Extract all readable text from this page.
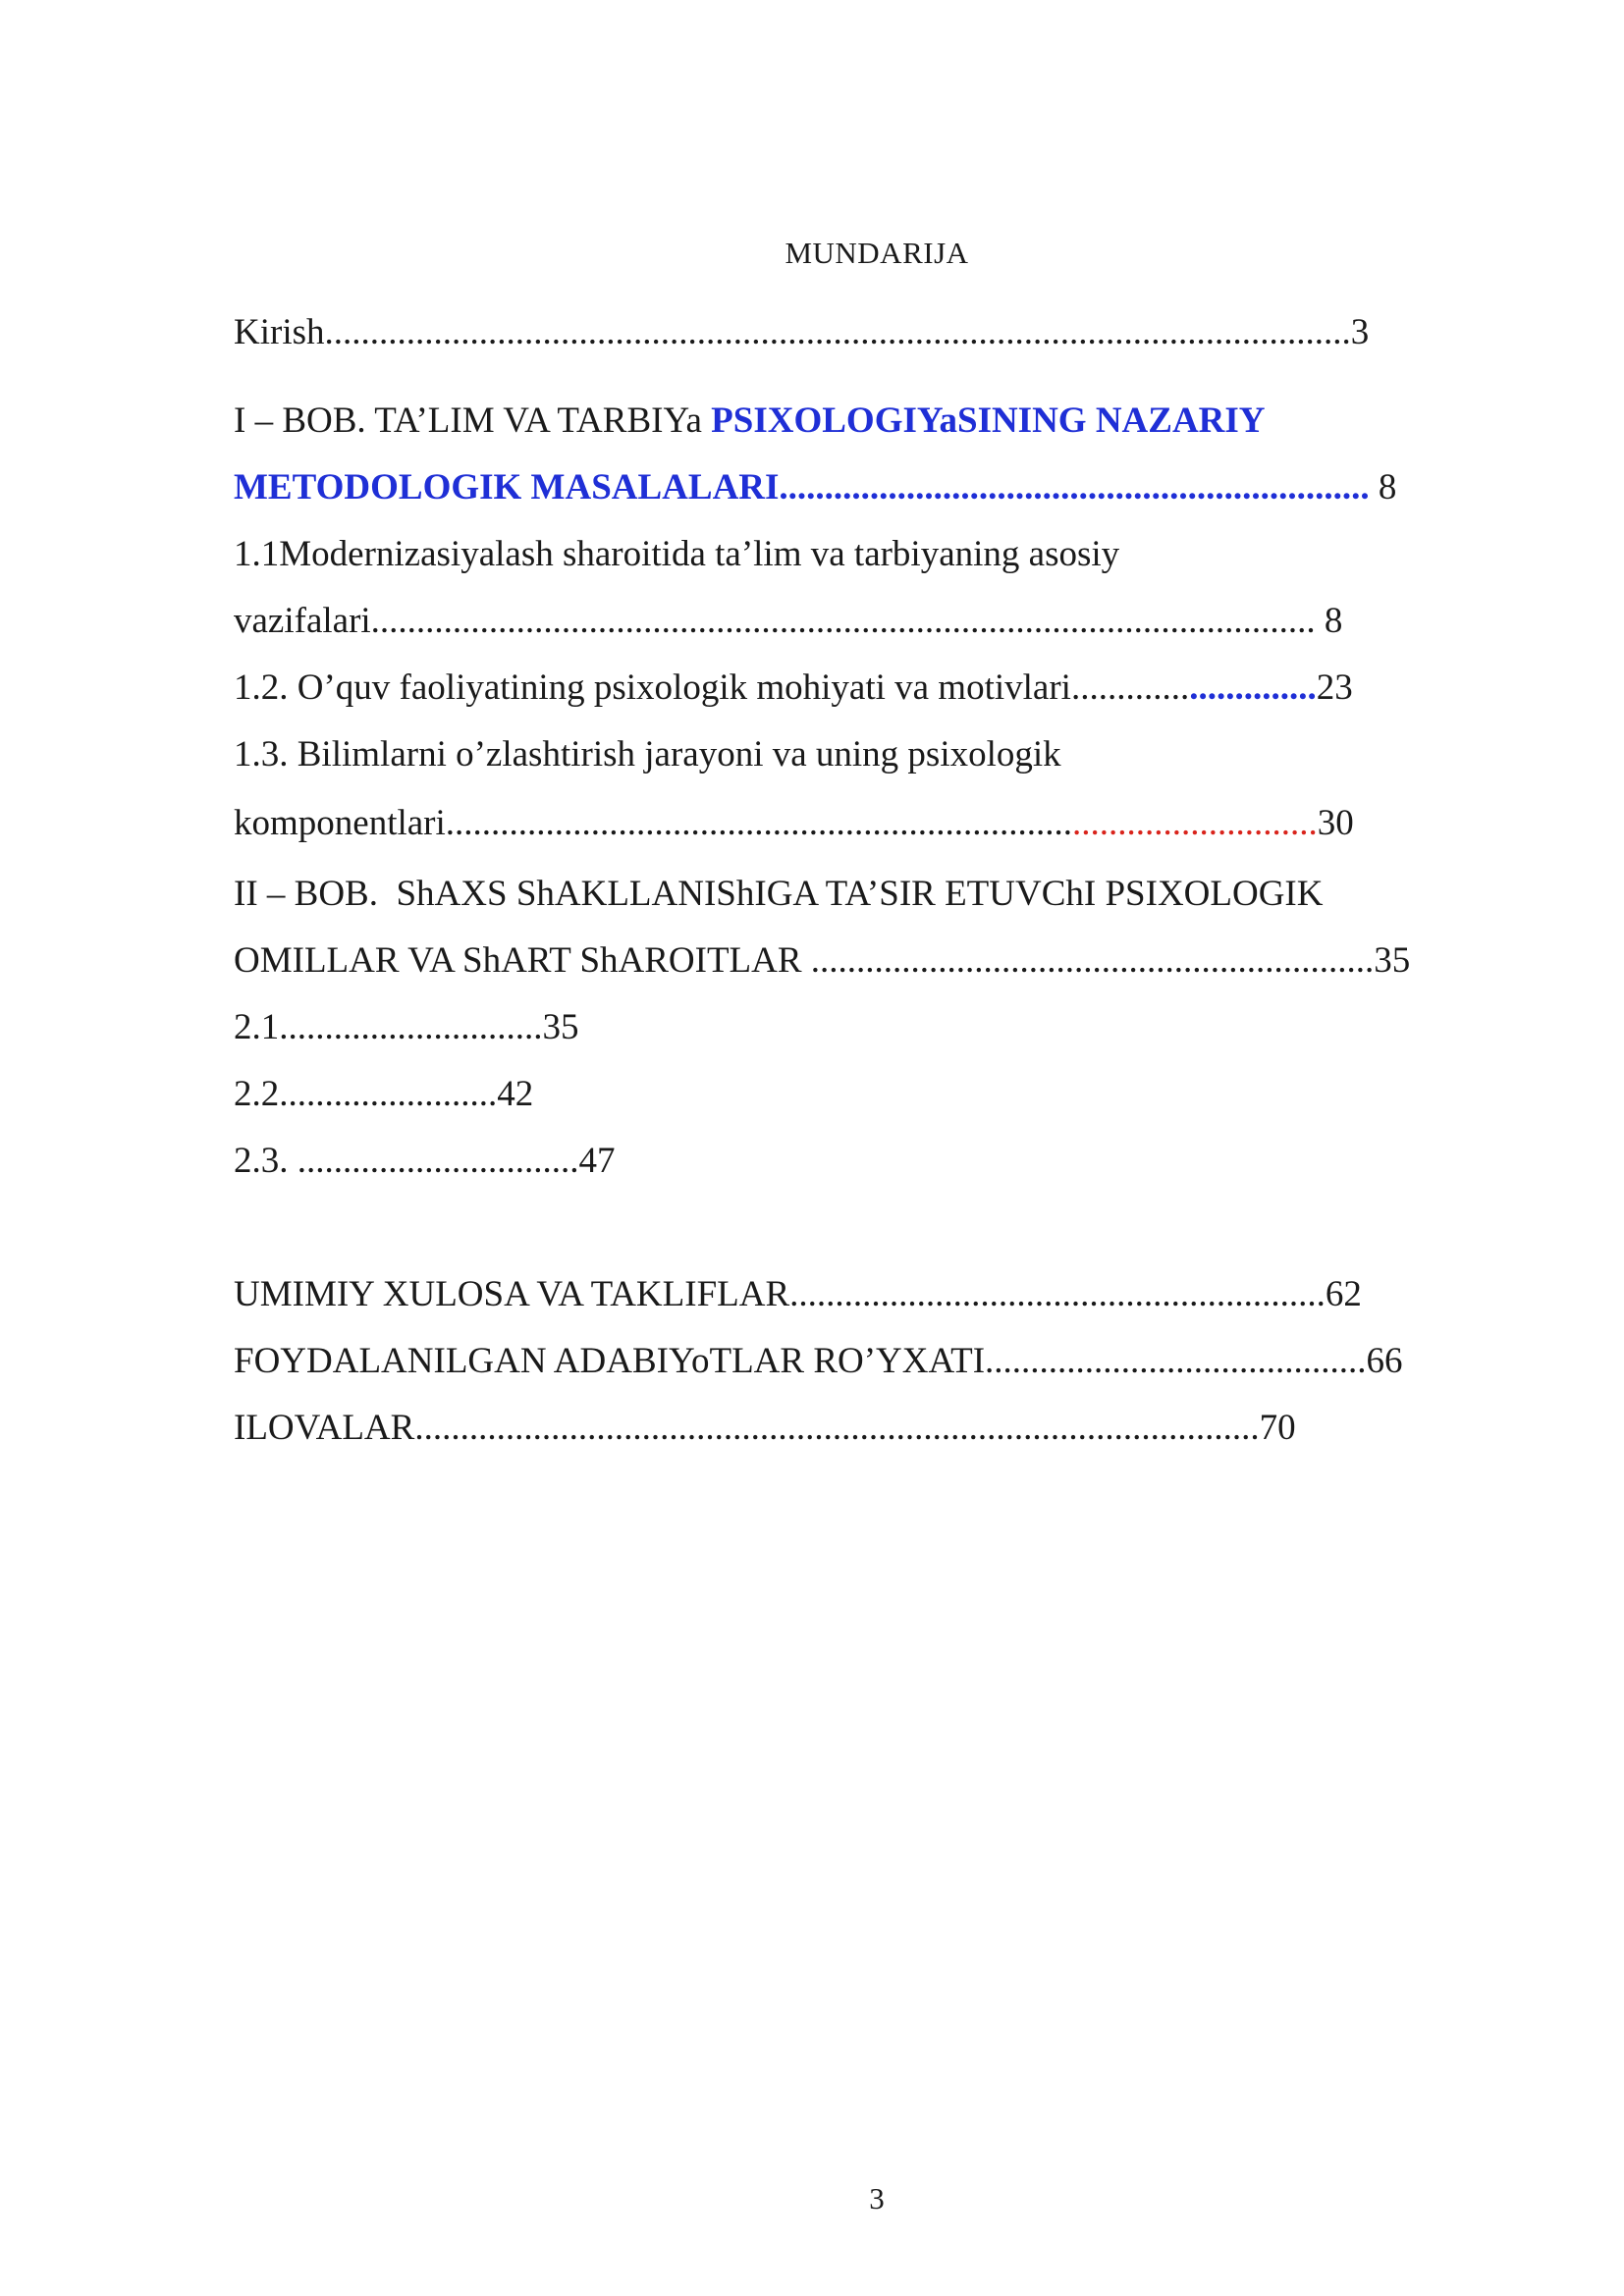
MUNDARIJA
Kirish.................................................................................................................3
I – BOB. TA’LIM VA TARBIYa PSIXOLOGIYaSINING NAZARIY
METODOLOGIK MASALALARI................................................................. 8
1.1Modernizasiyalash sharoitida ta’lim va tarbiyaning asosiy
vazifalari........................................................................................................ 8
1.2. O’quv faoliyatining psixologik mohiyati va motivlari...........................23
1.3. Bilimlarni o’zlashtirish jarayoni va uning psixologik
komponentlari................................................................................................30
II – BOB.  ShAXS ShAKLLANIShIGA TA’SIR ETUVChI PSIXOLOGIK
OMILLAR VA ShART ShAROITLAR ..............................................................35
2.1.............................35
2.2........................42
2.3. ...............................47
UMIMIY XULOSA VA TAKLIFLAR...........................................................62
FOYDALANILGAN ADABIYoTLAR RO’YXATI..........................................66
ILOVALAR.............................................................................................70
3
